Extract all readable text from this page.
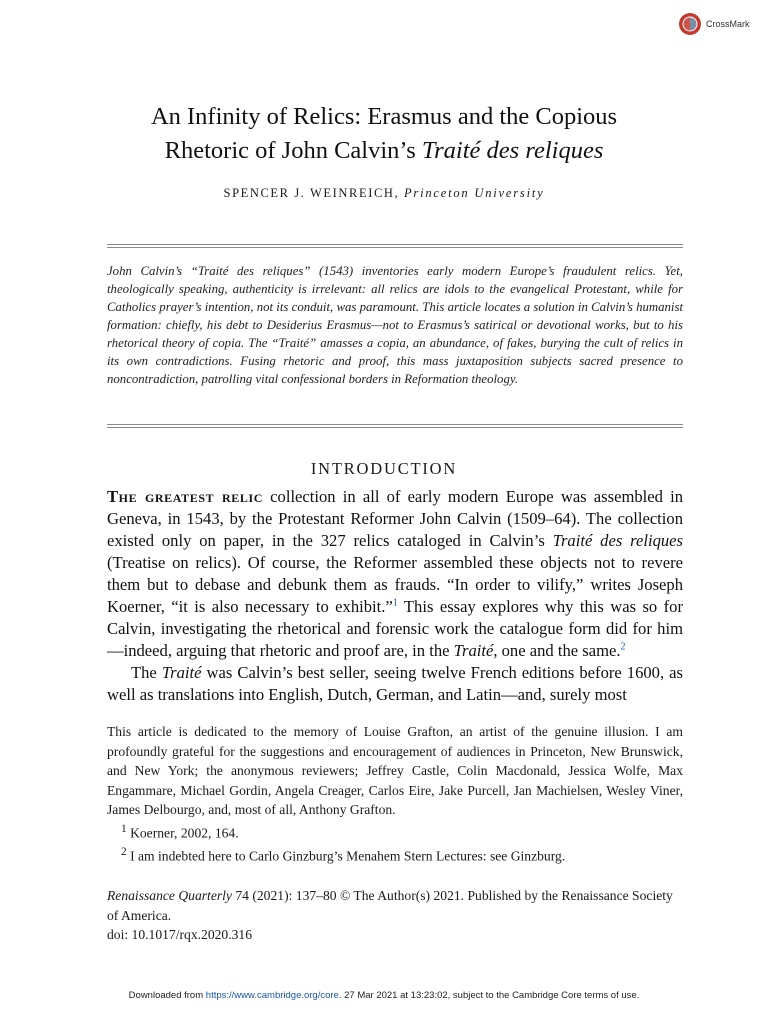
CrossMark
An Infinity of Relics: Erasmus and the Copious
Rhetoric of John Calvin’s Traité des reliques
SPENCER J. WEINREICH, Princeton University
John Calvin’s “Traité des reliques” (1543) inventories early modern Europe’s fraudulent relics. Yet, theologically speaking, authenticity is irrelevant: all relics are idols to the evangelical Protestant, while for Catholics prayer’s intention, not its conduit, was paramount. This article locates a solution in Calvin’s humanist formation: chiefly, his debt to Desiderius Erasmus—not to Erasmus’s satirical or devotional works, but to his rhetorical theory of copia. The “Traité” amasses a copia, an abundance, of fakes, burying the cult of relics in its own contradictions. Fusing rhetoric and proof, this mass juxtaposition subjects sacred presence to noncontradiction, patrolling vital confessional borders in Reformation theology.
INTRODUCTION

The greatest relic collection in all of early modern Europe was assembled in Geneva, in 1543, by the Protestant Reformer John Calvin (1509–64). The collection existed only on paper, in the 327 relics cataloged in Calvin’s Traité des reliques (Treatise on relics). Of course, the Reformer assembled these objects not to revere them but to debase and debunk them as frauds. “In order to vilify,” writes Joseph Koerner, “it is also necessary to exhibit.”$^1$ This essay explores why this was so for Calvin, investigating the rhetorical and forensic work the catalogue form did for him—indeed, arguing that rhetoric and proof are, in the Traité, one and the same.$^2$

The Traité was Calvin’s best seller, seeing twelve French editions before 1600, as well as translations into English, Dutch, German, and Latin—and, surely most

This article is dedicated to the memory of Louise Grafton, an artist of the genuine illusion. I am profoundly grateful for the suggestions and encouragement of audiences in Princeton, New Brunswick, and New York; the anonymous reviewers; Jeffrey Castle, Colin Macdonald, Jessica Wolfe, Max Engammare, Michael Gordin, Angela Creager, Carlos Eire, Jake Purcell, Jan Machielsen, Wesley Viner, James Delbourgo, and, most of all, Anthony Grafton.

$^1$ Koerner, 2002, 164.

$^2$ I am indebted here to Carlo Ginzburg’s Menahem Stern Lectures: see Ginzburg.

Renaissance Quarterly 74 (2021): 137–80 © The Author(s) 2021. Published by the Renaissance Society of America.

doi: 10.1017/rqx.2020.316

Downloaded from https://www.cambridge.org/core. 27 Mar 2021 at 13:23:02, subject to the Cambridge Core terms of use.
